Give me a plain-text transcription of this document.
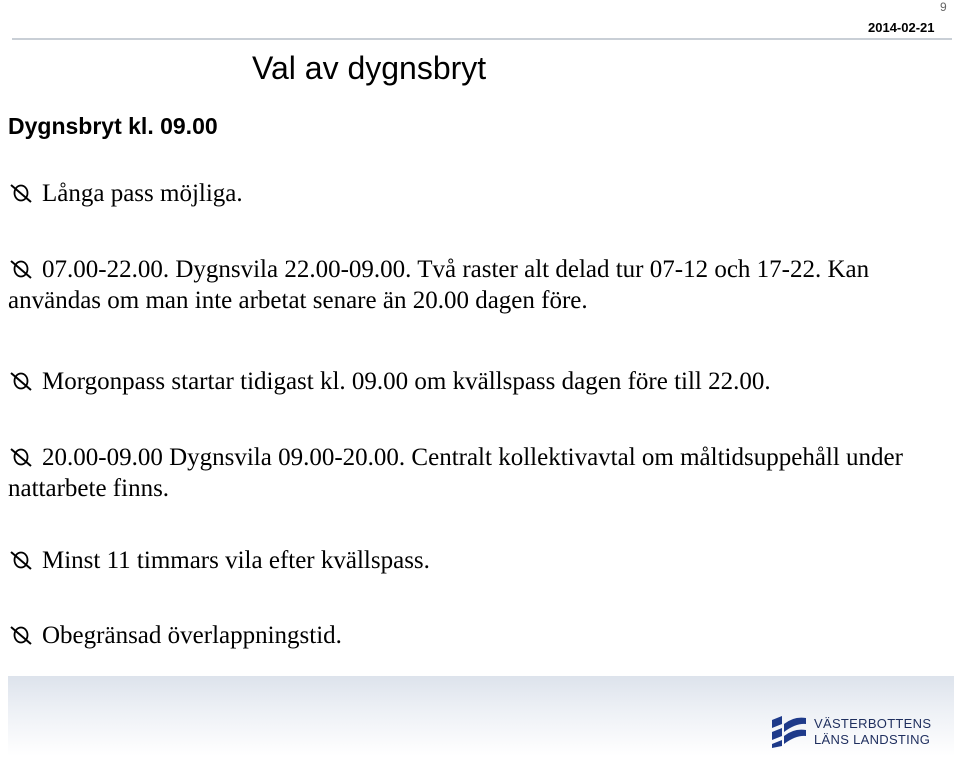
9
2014-02-21
Val av dygnsbryt
Dygnsbryt kl. 09.00
Långa pass möjliga.
07.00-22.00. Dygnsvila 22.00-09.00. Två raster alt delad tur 07-12 och 17-22. Kan användas om man inte arbetat senare än 20.00 dagen före.
Morgonpass startar tidigast kl. 09.00 om kvällspass dagen före till 22.00.
20.00-09.00 Dygnsvila 09.00-20.00. Centralt kollektivavtal om måltidsuppehåll under nattarbete finns.
Minst 11 timmars vila efter kvällspass.
Obegränsad överlappningstid.
VÄSTERBOTTENS
LÄNS LANDSTING
